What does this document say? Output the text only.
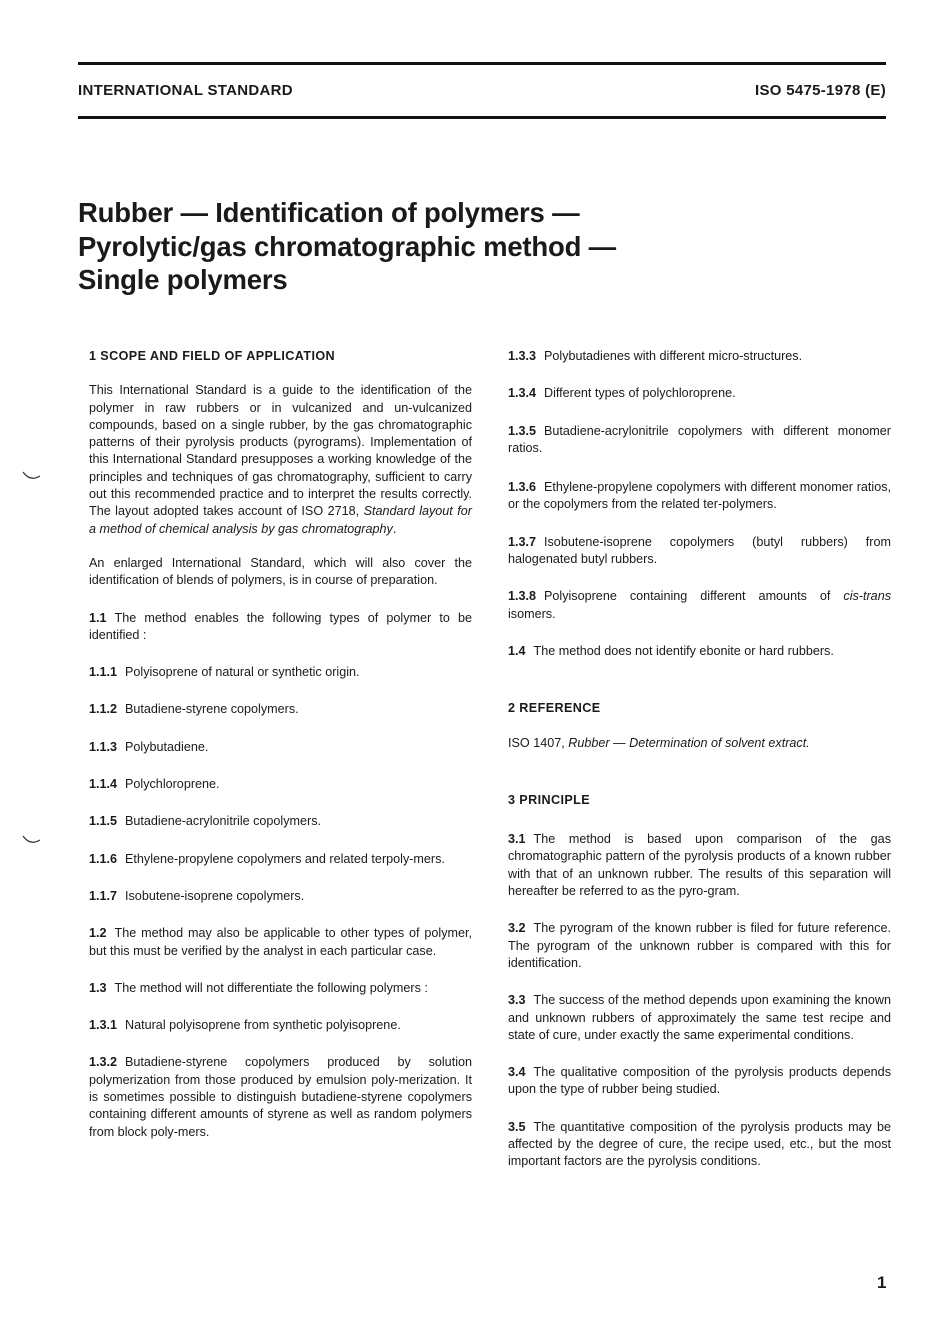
INTERNATIONAL STANDARD	ISO 5475-1978 (E)
Rubber — Identification of polymers —
Pyrolytic/gas chromatographic method —
Single polymers

1 SCOPE AND FIELD OF APPLICATION

This International Standard is a guide to the identification of the polymer in raw rubbers or in vulcanized and un-vulcanized compounds, based on a single rubber, by the gas chromatographic patterns of their pyrolysis products (pyrograms). Implementation of this International Standard presupposes a working knowledge of the principles and techniques of gas chromatography, sufficient to carry out this recommended practice and to interpret the results correctly. The layout adopted takes account of ISO 2718, Standard layout for a method of chemical analysis by gas chromatography.

An enlarged International Standard, which will also cover the identification of blends of polymers, is in course of preparation.

1.1 The method enables the following types of polymer to be identified :

1.1.1 Polyisoprene of natural or synthetic origin.

1.1.2 Butadiene-styrene copolymers.

1.1.3 Polybutadiene.

1.1.4 Polychloroprene.

1.1.5 Butadiene-acrylonitrile copolymers.

1.1.6 Ethylene-propylene copolymers and related terpoly-mers.

1.1.7 Isobutene-isoprene copolymers.

1.2 The method may also be applicable to other types of polymer, but this must be verified by the analyst in each particular case.

1.3 The method will not differentiate the following polymers :

1.3.1 Natural polyisoprene from synthetic polyisoprene.

1.3.2 Butadiene-styrene copolymers produced by solution polymerization from those produced by emulsion poly-merization. It is sometimes possible to distinguish butadiene-styrene copolymers containing different amounts of styrene as well as random polymers from block poly-mers.

1.3.3 Polybutadienes with different micro-structures.

1.3.4 Different types of polychloroprene.

1.3.5 Butadiene-acrylonitrile copolymers with different monomer ratios.

1.3.6 Ethylene-propylene copolymers with different monomer ratios, or the copolymers from the related ter-polymers.

1.3.7 Isobutene-isoprene copolymers (butyl rubbers) from halogenated butyl rubbers.

1.3.8 Polyisoprene containing different amounts of cis-trans isomers.

1.4 The method does not identify ebonite or hard rubbers.

2 REFERENCE

ISO 1407, Rubber — Determination of solvent extract.

3 PRINCIPLE

3.1 The method is based upon comparison of the gas chromatographic pattern of the pyrolysis products of a known rubber with that of an unknown rubber. The results of this separation will hereafter be referred to as the pyro-gram.

3.2 The pyrogram of the known rubber is filed for future reference. The pyrogram of the unknown rubber is compared with this for identification.

3.3 The success of the method depends upon examining the known and unknown rubbers of approximately the same test recipe and state of cure, under exactly the same experimental conditions.

3.4 The qualitative composition of the pyrolysis products depends upon the type of rubber being studied.

3.5 The quantitative composition of the pyrolysis products may be affected by the degree of cure, the recipe used, etc., but the most important factors are the pyrolysis conditions.

1
